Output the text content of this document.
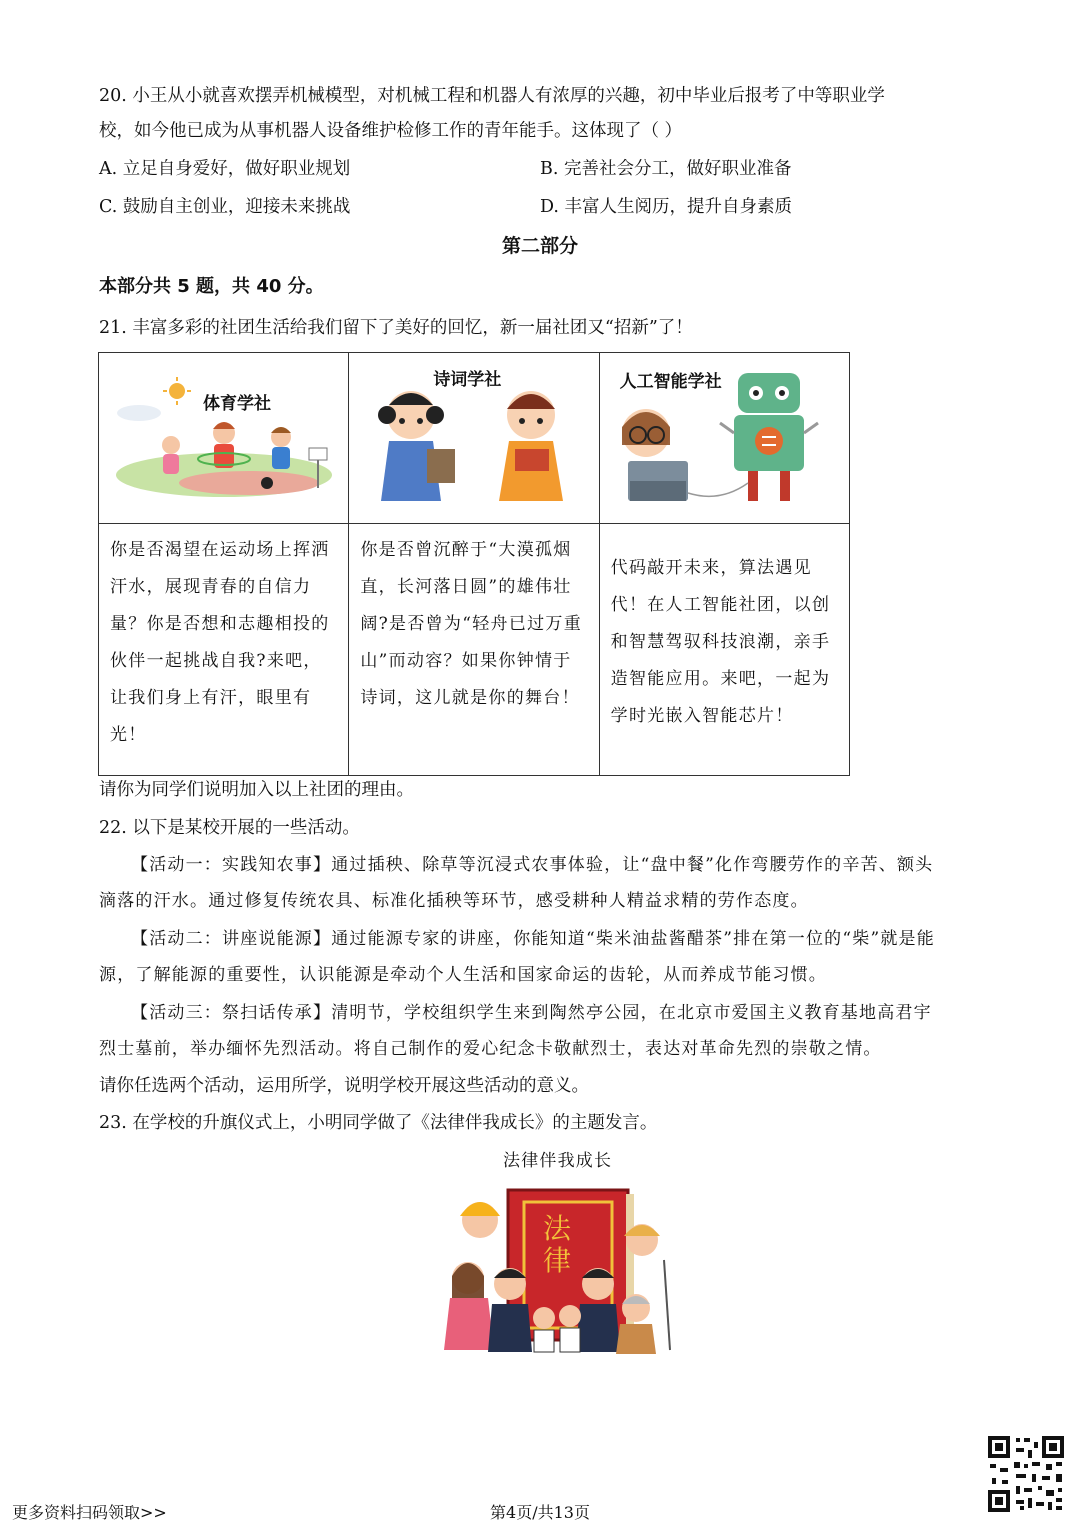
20. 小王从小就喜欢摆弄机械模型，对机械工程和机器人有浓厚的兴趣，初中毕业后报考了中等职业学
校，如今他已成为从事机器人设备维护检修工作的青年能手。这体现了（ ）
A. 立足自身爱好，做好职业规划	B. 完善社会分工，做好职业准备
C. 鼓励自主创业，迎接未来挑战	D. 丰富人生阅历，提升自身素质
第二部分
本部分共 5 题，共 40 分。
21. 丰富多彩的社团生活给我们留下了美好的回忆，新一届社团又“招新”了！
体育学社	诗词学社	人工智能学社

你是否渴望在运动场上挥洒汗水，展现青春的自信力量？你是否想和志趣相投的伙伴一起挑战自我?来吧，让我们身上有汗，眼里有光！	你是否曾沉醉于“大漠孤烟直，长河落日圆”的雄伟壮阔?是否曾为“轻舟已过万重山”而动容？如果你钟情于诗词，这儿就是你的舞台！	代码敲开未来，算法遇见代！在人工智能社团，以创和智慧驾驭科技浪潮，亲手造智能应用。来吧，一起为学时光嵌入智能芯片！
请你为同学们说明加入以上社团的理由。
22. 以下是某校开展的一些活动。
【活动一：实践知农事】通过插秧、除草等沉浸式农事体验，让“盘中餐”化作弯腰劳作的辛苦、额头
滴落的汗水。通过修复传统农具、标准化插秧等环节，感受耕种人精益求精的劳作态度。
【活动二：讲座说能源】通过能源专家的讲座，你能知道“柴米油盐酱醋茶”排在第一位的“柴”就是能
源，了解能源的重要性，认识能源是牵动个人生活和国家命运的齿轮，从而养成节能习惯。
【活动三：祭扫话传承】清明节，学校组织学生来到陶然亭公园，在北京市爱国主义教育基地高君宇
烈士墓前，举办缅怀先烈活动。将自己制作的爱心纪念卡敬献烈士，表达对革命先烈的崇敬之情。
请你任选两个活动，运用所学，说明学校开展这些活动的意义。
23. 在学校的升旗仪式上，小明同学做了《法律伴我成长》的主题发言。
法律伴我成长
法律
更多资料扫码领取>>	第4页/共13页
